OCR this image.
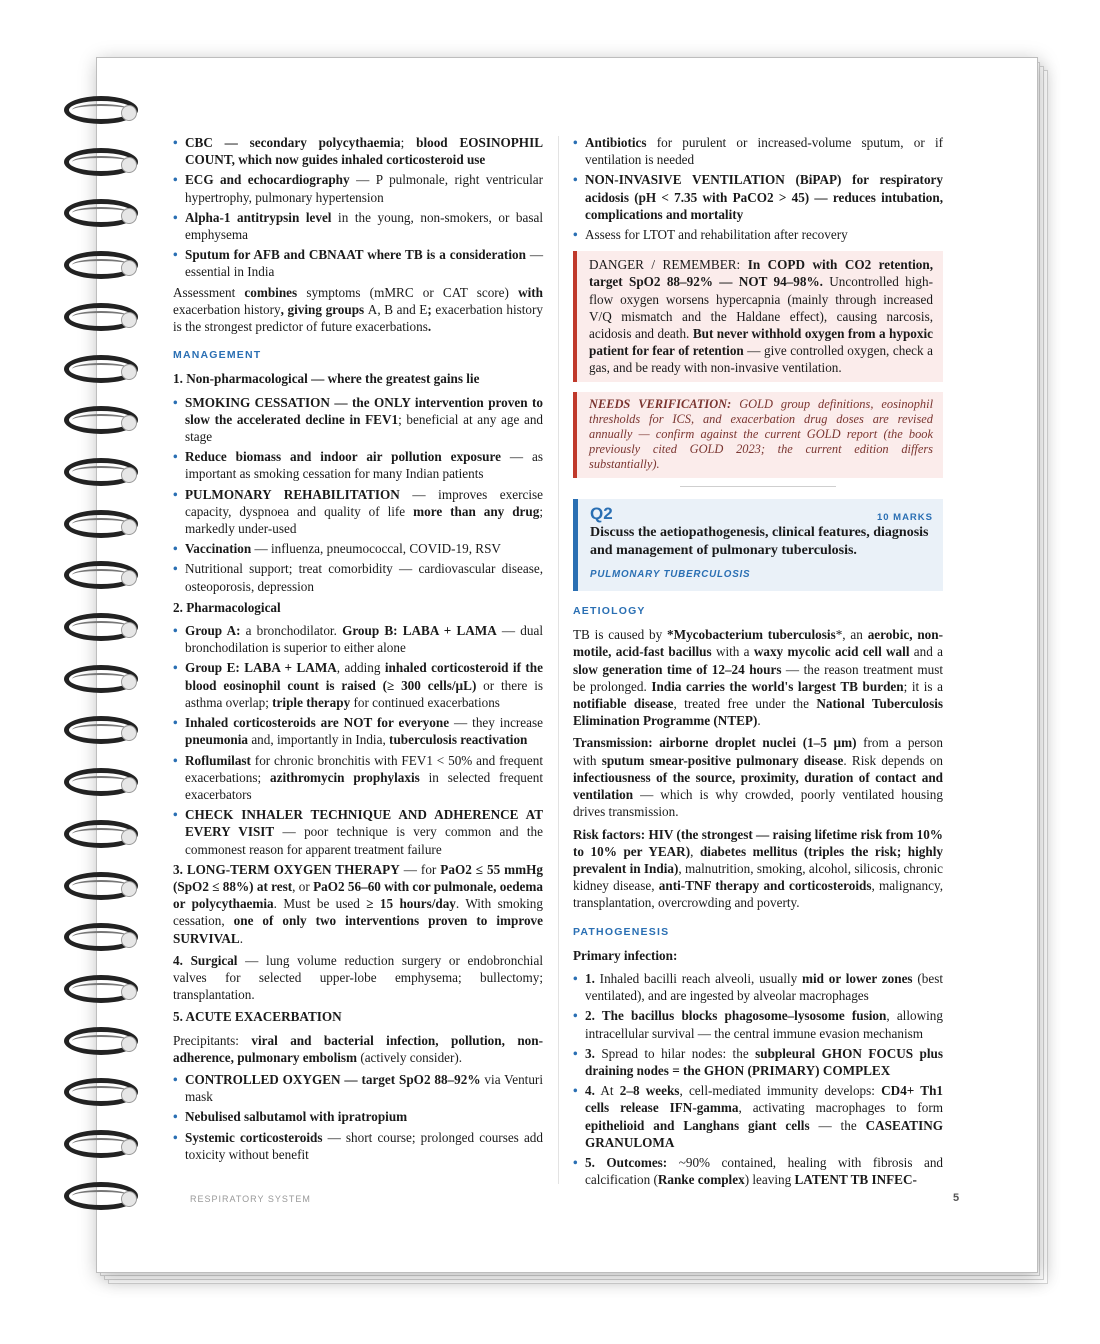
• CBC — secondary polycythaemia; blood EOSINOPHIL COUNT, which now guides inhaled corticosteroid use
• ECG and echocardiography — P pulmonale, right ventricular hypertrophy, pulmonary hypertension
• Alpha-1 antitrypsin level in the young, non-smokers, or basal emphysema
• Sputum for AFB and CBNAAT where TB is a consideration — essential in India

Assessment combines symptoms (mMRC or CAT score) with exacerbation history, giving groups A, B and E; exacerbation history is the strongest predictor of future exacerbations.

MANAGEMENT
1. Non-pharmacological — where the greatest gains lie
• SMOKING CESSATION — the ONLY intervention proven to slow the accelerated decline in FEV1; beneficial at any age and stage
• Reduce biomass and indoor air pollution exposure — as important as smoking cessation for many Indian patients
• PULMONARY REHABILITATION — improves exercise capacity, dyspnoea and quality of life more than any drug; markedly under-used
• Vaccination — influenza, pneumococcal, COVID-19, RSV
• Nutritional support; treat comorbidity — cardiovascular disease, osteoporosis, depression
2. Pharmacological
• Group A: a bronchodilator. Group B: LABA + LAMA — dual bronchodilation is superior to either alone
• Group E: LABA + LAMA, adding inhaled corticosteroid if the blood eosinophil count is raised (≥ 300 cells/µL) or there is asthma overlap; triple therapy for continued exacerbations
• Inhaled corticosteroids are NOT for everyone — they increase pneumonia and, importantly in India, tuberculosis reactivation
• Roflumilast for chronic bronchitis with FEV1 < 50% and frequent exacerbations; azithromycin prophylaxis in selected frequent exacerbators
• CHECK INHALER TECHNIQUE AND ADHERENCE AT EVERY VISIT — poor technique is very common and the commonest reason for apparent treatment failure

3. LONG-TERM OXYGEN THERAPY — for PaO2 ≤ 55 mmHg (SpO2 ≤ 88%) at rest, or PaO2 56–60 with cor pulmonale, oedema or polycythaemia. Must be used ≥ 15 hours/day. With smoking cessation, one of only two interventions proven to improve SURVIVAL.

4. Surgical — lung volume reduction surgery or endobronchial valves for selected upper-lobe emphysema; bullectomy; transplantation.

5. ACUTE EXACERBATION

Precipitants: viral and bacterial infection, pollution, non-adherence, pulmonary embolism (actively consider).

• CONTROLLED OXYGEN — target SpO2 88–92% via Venturi mask
• Nebulised salbutamol with ipratropium
• Systemic corticosteroids — short course; prolonged courses add toxicity without benefit
• Antibiotics for purulent or increased-volume sputum, or if ventilation is needed
• NON-INVASIVE VENTILATION (BiPAP) for respiratory acidosis (pH < 7.35 with PaCO2 > 45) — reduces intubation, complications and mortality
• Assess for LTOT and rehabilitation after recovery
DANGER / REMEMBER: In COPD with CO2 retention, target SpO2 88–92% — NOT 94–98%. Uncontrolled high-flow oxygen worsens hypercapnia (mainly through increased V/Q mismatch and the Haldane effect), causing narcosis, acidosis and death. But never withhold oxygen from a hypoxic patient for fear of retention — give controlled oxygen, check a gas, and be ready with non-invasive ventilation.
NEEDS VERIFICATION: GOLD group definitions, eosinophil thresholds for ICS, and exacerbation drug doses are revised annually — confirm against the current GOLD report (the book previously cited GOLD 2023; the current edition differs substantially).
Q2	10 MARKS
Discuss the aetiopathogenesis, clinical features, diagnosis and management of pulmonary tuberculosis.
PULMONARY TUBERCULOSIS
AETIOLOGY

TB is caused by *Mycobacterium tuberculosis*, an aerobic, non-motile, acid-fast bacillus with a waxy mycolic acid cell wall and a slow generation time of 12–24 hours — the reason treatment must be prolonged. India carries the world's largest TB burden; it is a notifiable disease, treated free under the National Tuberculosis Elimination Programme (NTEP).

Transmission: airborne droplet nuclei (1–5 µm) from a person with sputum smear-positive pulmonary disease. Risk depends on infectiousness of the source, proximity, duration of contact and ventilation — which is why crowded, poorly ventilated housing drives transmission.

Risk factors: HIV (the strongest — raising lifetime risk from 10% to 10% per YEAR), diabetes mellitus (triples the risk; highly prevalent in India), malnutrition, smoking, alcohol, silicosis, chronic kidney disease, anti-TNF therapy and corticosteroids, malignancy, transplantation, overcrowding and poverty.

PATHOGENESIS
Primary infection:
• 1. Inhaled bacilli reach alveoli, usually mid or lower zones (best ventilated), and are ingested by alveolar macrophages
• 2. The bacillus blocks phagosome–lysosome fusion, allowing intracellular survival — the central immune evasion mechanism
• 3. Spread to hilar nodes: the subpleural GHON FOCUS plus draining nodes = the GHON (PRIMARY) COMPLEX
• 4. At 2–8 weeks, cell-mediated immunity develops: CD4+ Th1 cells release IFN-gamma, activating macrophages to form epithelioid and Langhans giant cells — the CASEATING GRANULOMA
• 5. Outcomes: ~90% contained, healing with fibrosis and calcification (Ranke complex) leaving LATENT TB INFEC-
RESPIRATORY SYSTEM	5
